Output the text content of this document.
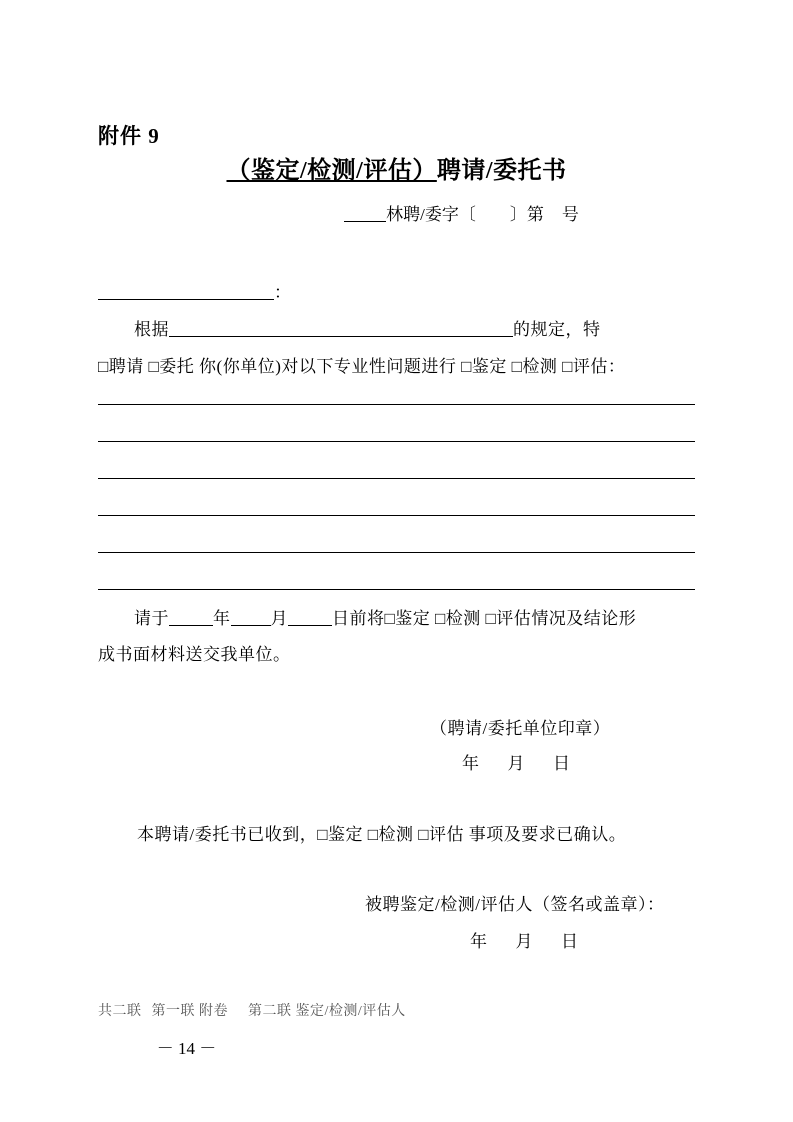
附件 9
（鉴定/检测/评估）聘请/委托书
林聘/委字〔 〕第 号
：
根据	的规定，特
□聘请 □委托 你(你单位)对以下专业性问题进行 □鉴定 □检测 □评估：
请于	年 月	日前将□鉴定 □检测 □评估情况及结论形
成书面材料送交我单位。
（聘请/委托单位印章）
年 月 日
本聘请/委托书已收到，□鉴定 □检测 □评估 事项及要求已确认。
被聘鉴定/检测/评估人（签名或盖章）：
年 月 日
共二联 第一联 附卷 第二联 鉴定/检测/评估人
－ 14 －
